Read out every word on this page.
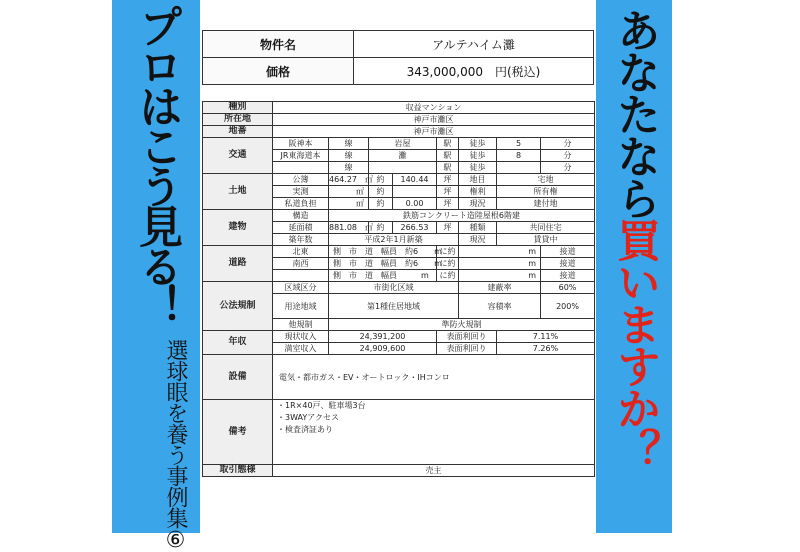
プロはこう見る！
選球眼を養う事例集⑥
あなたなら買いますか？
物件名	アルテハイム灘
価格	343,000,000　円(税込)
種別	収益マンション							
所在地	神戸市灘区							
地番	神戸市灘区							
交通	阪神本	線	岩屋		駅	徒歩	5	分
	JR東海道本	線	灘		駅	徒歩	8	分
		線			駅	徒歩		分
土地	公簿	464.27　㎡	約	140.44	坪	地目	宅地	
	実測	㎡	約		坪	権利	所有権	
	私道負担	㎡	約	0.00	坪	現況	建付地	
建物	構造	鉄筋コンクリート造陸屋根6階建						
	延面積	881.08　㎡	約	266.53	坪	種類	共同住宅	
	築年数	平成2年1月新築				現況	賃貸中	
道路	北東	側　市　道　幅員　約6　　m			に約	m		接道
	南西	側　市　道　幅員　約6　　m			に約	m		接道
		側　市　道　幅員　　　m			に約	m		接道
公法規制	区域区分	市街化区域				建蔽率		60%
	用途地域	第1種住居地域				容積率		200%
	他規制	準防火規制						
年収	現状収入	24,391,200			表面利回り		7.11%	
	満室収入	24,909,600			表面利回り		7.26%	
設備	電気・都市ガス・EV・オートロック・IHコンロ							
備考	・1R×40戸、駐車場3台
・3WAYアクセス
・検査済証あり							

取引態様	売主							
